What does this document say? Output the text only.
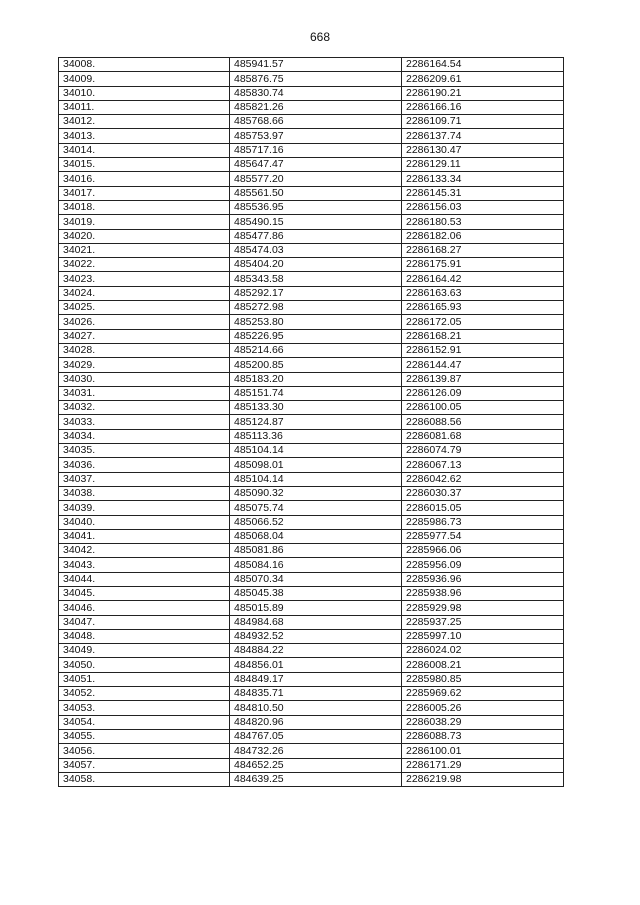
668
34008.	485941.57	2286164.54
34009.	485876.75	2286209.61
34010.	485830.74	2286190.21
34011.	485821.26	2286166.16
34012.	485768.66	2286109.71
34013.	485753.97	2286137.74
34014.	485717.16	2286130.47
34015.	485647.47	2286129.11
34016.	485577.20	2286133.34
34017.	485561.50	2286145.31
34018.	485536.95	2286156.03
34019.	485490.15	2286180.53
34020.	485477.86	2286182.06
34021.	485474.03	2286168.27
34022.	485404.20	2286175.91
34023.	485343.58	2286164.42
34024.	485292.17	2286163.63
34025.	485272.98	2286165.93
34026.	485253.80	2286172.05
34027.	485226.95	2286168.21
34028.	485214.66	2286152.91
34029.	485200.85	2286144.47
34030.	485183.20	2286139.87
34031.	485151.74	2286126.09
34032.	485133.30	2286100.05
34033.	485124.87	2286088.56
34034.	485113.36	2286081.68
34035.	485104.14	2286074.79
34036.	485098.01	2286067.13
34037.	485104.14	2286042.62
34038.	485090.32	2286030.37
34039.	485075.74	2286015.05
34040.	485066.52	2285986.73
34041.	485068.04	2285977.54
34042.	485081.86	2285966.06
34043.	485084.16	2285956.09
34044.	485070.34	2285936.96
34045.	485045.38	2285938.96
34046.	485015.89	2285929.98
34047.	484984.68	2285937.25
34048.	484932.52	2285997.10
34049.	484884.22	2286024.02
34050.	484856.01	2286008.21
34051.	484849.17	2285980.85
34052.	484835.71	2285969.62
34053.	484810.50	2286005.26
34054.	484820.96	2286038.29
34055.	484767.05	2286088.73
34056.	484732.26	2286100.01
34057.	484652.25	2286171.29
34058.	484639.25	2286219.98
